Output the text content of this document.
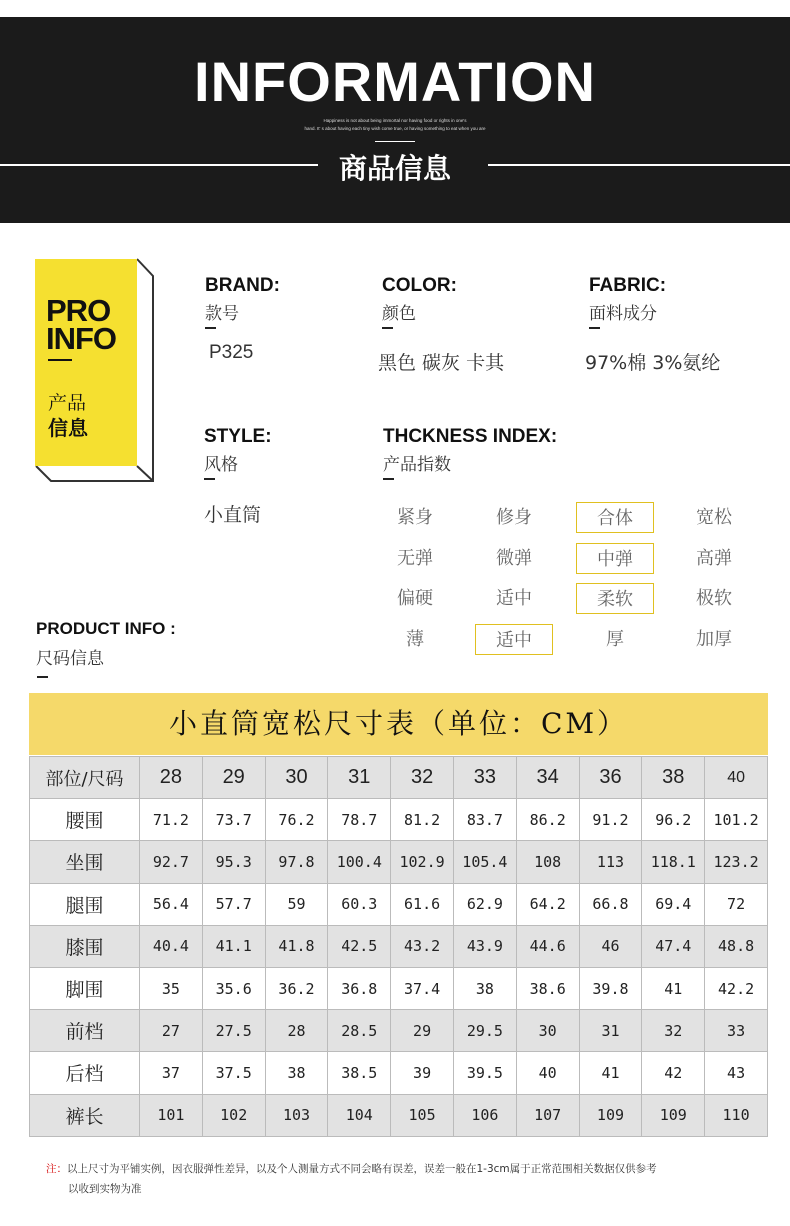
INFORMATION
Happiness is not about being immortal nor having food or rights in one's
hand. It' s about having each tiny wish come true, or having something to eat when you are
商品信息
PRO
INFO
产品
信息
BRAND:
款号
P325
COLOR:
颜色
黑色 碳灰 卡其
FABRIC:
面料成分
97%棉 3%氨纶
STYLE:
风格
小直筒
THCKNESS INDEX:
产品指数
紧身	修身	合体	宽松
无弹	微弹	中弹	高弹
偏硬	适中	柔软	极软
薄	适中	厚	加厚
PRODUCT INFO :
尺码信息
小直筒宽松尺寸表（单位：CM）
部位/尺码	28	29	30	31	32	33	34	36	38	40
腰围	71.2	73.7	76.2	78.7	81.2	83.7	86.2	91.2	96.2	101.2
坐围	92.7	95.3	97.8	100.4	102.9	105.4	108	113	118.1	123.2
腿围	56.4	57.7	59	60.3	61.6	62.9	64.2	66.8	69.4	72
膝围	40.4	41.1	41.8	42.5	43.2	43.9	44.6	46	47.4	48.8
脚围	35	35.6	36.2	36.8	37.4	38	38.6	39.8	41	42.2
前档	27	27.5	28	28.5	29	29.5	30	31	32	33
后档	37	37.5	38	38.5	39	39.5	40	41	42	43
裤长	101	102	103	104	105	106	107	109	109	110
注：以上尺寸为平铺实例，因衣服弹性差异，以及个人测量方式不同会略有误差，误差一般在1-3cm属于正常范围相关数据仅供参考
以收到实物为准
